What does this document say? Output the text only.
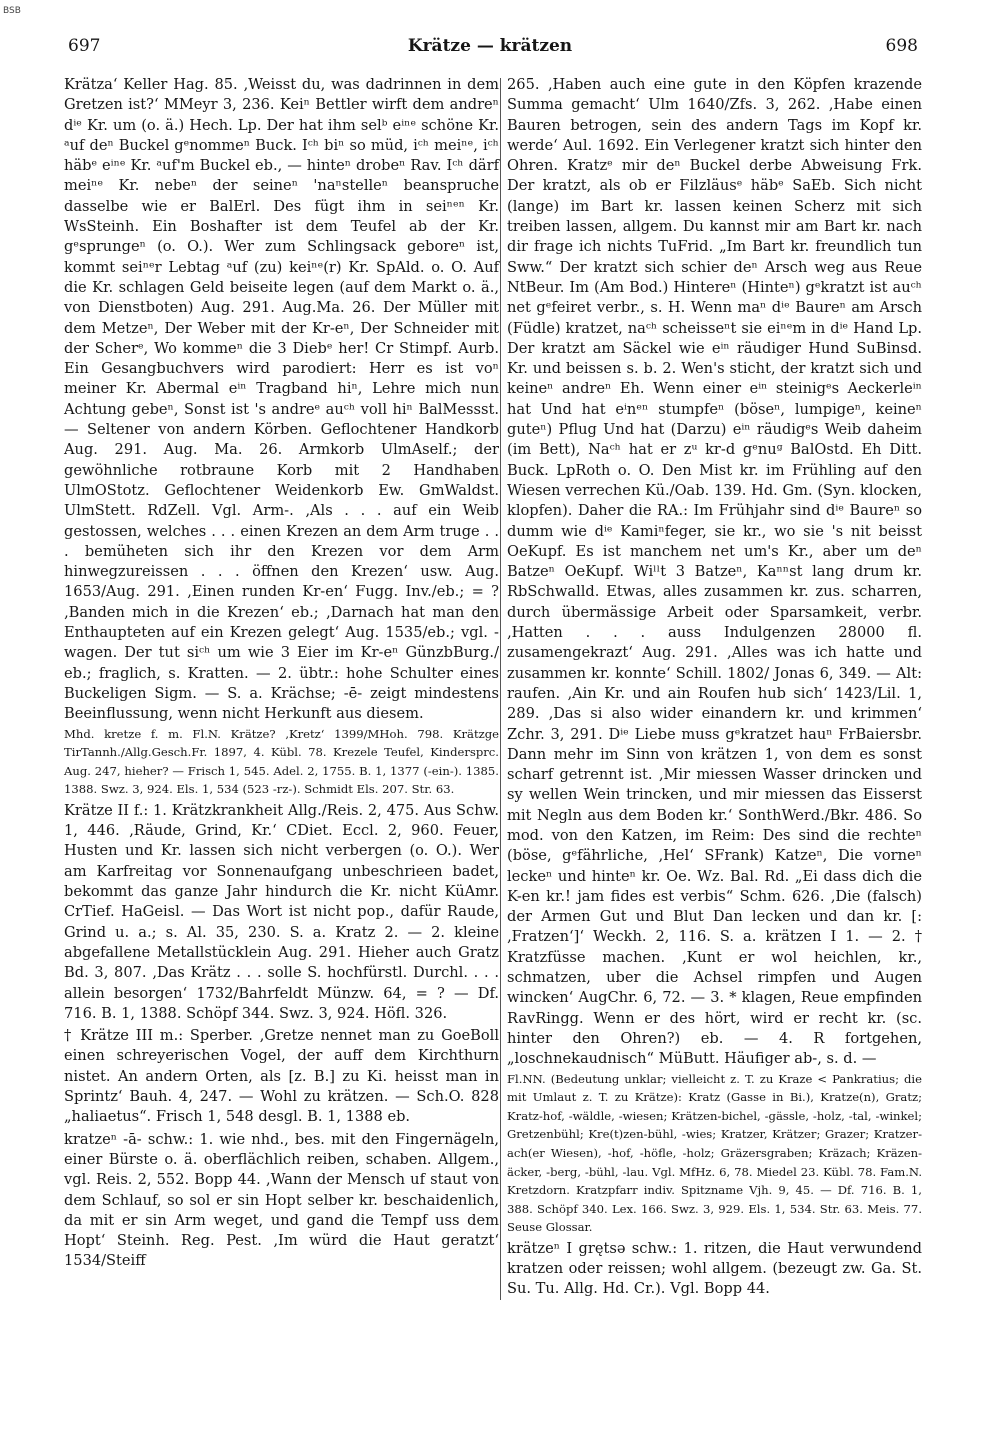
BSB
697	Krätze — krätzen	698

Krätza‘ Keller Hag. 85. ‚Weisst du, was dadrinnen in dem Gretzen ist?‘ MMeyr 3, 236. Keiⁿ Bettler wirft dem andreⁿ dⁱᵉ Kr. um (o. ä.) Hech. Lp. Der hat ihm selᵇ eⁱⁿᵉ schöne Kr. ᵃuf deⁿ Buckel gᵉnommeⁿ Buck. Iᶜʰ biⁿ so müd, iᶜʰ meiⁿᵉ, iᶜʰ häbᵉ eⁱⁿᵉ Kr. ᵃuf'm Buckel eb., — hinteⁿ drobeⁿ Rav. Iᶜʰ därf meiⁿᵉ Kr. nebeⁿ der seineⁿ 'naⁿstelleⁿ beanspruche dasselbe wie er BalErl. Des fügt ihm in seiⁿᵉⁿ Kr. WsSteinh. Ein Boshafter ist dem Teufel ab der Kr. gᵉsprungeⁿ (o. O.). Wer zum Schlingsack geboreⁿ ist, kommt seiⁿᵉr Lebtag ᵃuf (zu) keiⁿᵉ(r) Kr. SpAld. o. O. Auf die Kr. schlagen Geld beiseite legen (auf dem Markt o. ä., von Dienstboten) Aug. 291. Aug.Ma. 26. Der Müller mit dem Metzeⁿ, Der Weber mit der Kr-eⁿ, Der Schneider mit der Scherᵉ, Wo kommeⁿ die 3 Diebᵉ her! Cr Stimpf. Aurb. Ein Gesangbuchvers wird parodiert: Herr es ist voⁿ meiner Kr. Abermal eⁱⁿ Tragband hiⁿ, Lehre mich nun Achtung gebeⁿ, Sonst ist 's andreᵉ auᶜʰ voll hiⁿ BalMessst. — Seltener von andern Körben. Geflochtener Handkorb Aug. 291. Aug. Ma. 26. Armkorb UlmAself.; der gewöhnliche rotbraune Korb mit 2 Handhaben UlmOStotz. Geflochtener Weidenkorb Ew. GmWaldst. UlmStett. RdZell. Vgl. Arm-. ‚Als . . . auf ein Weib gestossen, welches . . . einen Krezen an dem Arm truge . . . bemüheten sich ihr den Krezen vor dem Arm hinwegzureissen . . . öffnen den Krezen‘ usw. Aug. 1653/Aug. 291. ‚Einen runden Kr-en‘ Fugg. Inv./eb.; = ? ‚Banden mich in die Krezen‘ eb.; ‚Darnach hat man den Enthaupteten auf ein Krezen gelegt‘ Aug. 1535/eb.; vgl. -wagen. Der tut siᶜʰ um wie 3 Eier im Kr-eⁿ GünzbBurg./ eb.; fraglich, s. Kratten. — 2. übtr.: hohe Schulter eines Buckeligen Sigm. — S. a. Krächse; -ē- zeigt mindestens Beeinflussung, wenn nicht Herkunft aus diesem.

Mhd. kretze f. m. Fl.N. Krätze? ‚Kretz‘ 1399/MHoh. 798. Krätzge TirTannh./Allg.Gesch.Fr. 1897, 4. Kübl. 78. Krezele Teufel, Kindersprc. Aug. 247, hieher? — Frisch 1, 545. Adel. 2, 1755. B. 1, 1377 (-ein-). 1385. 1388. Swz. 3, 924. Els. 1, 534 (523 -rz-). Schmidt Els. 207. Str. 63.

Krätze II f.: 1. Krätzkrankheit Allg./Reis. 2, 475. Aus Schw. 1, 446. ‚Räude, Grind, Kr.‘ CDiet. Eccl. 2, 960. Feuer, Husten und Kr. lassen sich nicht verbergen (o. O.). Wer am Karfreitag vor Sonnenaufgang unbeschrieen badet, bekommt das ganze Jahr hindurch die Kr. nicht KüAmr. CrTief. HaGeisl. — Das Wort ist nicht pop., dafür Raude, Grind u. a.; s. Al. 35, 230. S. a. Kratz 2. — 2. kleine abgefallene Metallstücklein Aug. 291. Hieher auch Gratz Bd. 3, 807. ‚Das Krätz . . . solle S. hochfürstl. Durchl. . . . allein besorgen‘ 1732/Bahrfeldt Münzw. 64, = ? — Df. 716. B. 1, 1388. Schöpf 344. Swz. 3, 924. Höfl. 326.

† Krätze III m.: Sperber. ‚Gretze nennet man zu GoeBoll einen schreyerischen Vogel, der auff dem Kirchthurn nistet. An andern Orten, als [z. B.] zu Ki. heisst man in Sprintz‘ Bauh. 4, 247. — Wohl zu krätzen. — Sch.O. 828 „haliaetus“. Frisch 1, 548 desgl. B. 1, 1388 eb.

kratzeⁿ -ā- schw.: 1. wie nhd., bes. mit den Fingernägeln, einer Bürste o. ä. oberflächlich reiben, schaben. Allgem., vgl. Reis. 2, 552. Bopp 44. ‚Wann der Mensch uf staut von dem Schlauf, so sol er sin Hopt selber kr. beschaidenlich, da mit er sin Arm weget, und gand die Tempf uss dem Hopt‘ Steinh. Reg. Pest. ‚Im würd die Haut geratzt‘ 1534/Steiff

265. ‚Haben auch eine gute in den Köpfen krazende Summa gemacht‘ Ulm 1640/Zfs. 3, 262. ‚Habe einen Bauren betrogen, sein des andern Tags im Kopf kr. werde‘ Aul. 1692. Ein Verlegener kratzt sich hinter den Ohren. Kratzᵉ mir deⁿ Buckel derbe Abweisung Frk. Der kratzt, als ob er Filzläusᵉ häbᵉ SaEb. Sich nicht (lange) im Bart kr. lassen keinen Scherz mit sich treiben lassen, allgem. Du kannst mir am Bart kr. nach dir frage ich nichts TuFrid. „Im Bart kr. freundlich tun Sww.“ Der kratzt sich schier deⁿ Arsch weg aus Reue NtBeur. Im (Am Bod.) Hintereⁿ (Hinteⁿ) gᵉkratzt ist auᶜʰ net gᵉfeiret verbr., s. H. Wenn maⁿ dⁱᵉ Baureⁿ am Arsch (Füdle) kratzet, naᶜʰ scheisseⁿt sie eiⁿᵉm in dⁱᵉ Hand Lp. Der kratzt am Säckel wie eⁱⁿ räudiger Hund SuBinsd. Kr. und beissen s. b. 2. Wen's sticht, der kratzt sich und keineⁿ andreⁿ Eh. Wenn einer eⁱⁿ steinigᵉs Aeckerleⁱⁿ hat Und hat eⁱnᵉⁿ stumpfeⁿ (böseⁿ, lumpigeⁿ, keineⁿ guteⁿ) Pflug Und hat (Darzu) eⁱⁿ räudigᵉs Weib daheim (im Bett), Naᶜʰ hat er zᵘ kr-d gᵉnuᵍ BalOstd. Eh Ditt. Buck. LpRoth o. O. Den Mist kr. im Frühling auf den Wiesen verrechen Kü./Oab. 139. Hd. Gm. (Syn. klocken, klopfen). Daher die RA.: Im Frühjahr sind dⁱᵉ Baureⁿ so dumm wie dⁱᵉ Kamiⁿfeger, sie kr., wo sie 's nit beisst OeKupf. Es ist manchem net um's Kr., aber um deⁿ Batzeⁿ OeKupf. Wiˡˡt 3 Batzeⁿ, Kaⁿⁿst lang drum kr. RbSchwalld. Etwas, alles zusammen kr. zus. scharren, durch übermässige Arbeit oder Sparsamkeit, verbr. ‚Hatten . . . auss Indulgenzen 28000 fl. zusamengekrazt‘ Aug. 291. ‚Alles was ich hatte und zusammen kr. konnte‘ Schill. 1802/ Jonas 6, 349. — Alt: raufen. ‚Ain Kr. und ain Roufen hub sich‘ 1423/Lil. 1, 289. ‚Das si also wider einandern kr. und krimmen‘ Zchr. 3, 291. Dⁱᵉ Liebe muss gᵉkratzet hauⁿ FrBaiersbr. Dann mehr im Sinn von krätzen 1, von dem es sonst scharf getrennt ist. ‚Mir miessen Wasser drincken und sy wellen Wein trincken, und mir miessen das Eisserst mit Negln aus dem Boden kr.‘ SonthWerd./Bkr. 486. So mod. von den Katzen, im Reim: Des sind die rechteⁿ (böse, gᵉfährliche, ‚Hel‘ SFrank) Katzeⁿ, Die vorneⁿ leckeⁿ und hinteⁿ kr. Oe. Wz. Bal. Rd. „Ei dass dich die K-en kr.! jam fides est verbis“ Schm. 626. ‚Die (falsch) der Armen Gut und Blut Dan lecken und dan kr. [: ‚Fratzen‘]‘ Weckh. 2, 116. S. a. krätzen I 1. — 2. † Kratzfüsse machen. ‚Kunt er wol heichlen, kr., schmatzen, uber die Achsel rimpfen und Augen wincken‘ AugChr. 6, 72. — 3. * klagen, Reue empfinden RavRingg. Wenn er des hört, wird er recht kr. (sc. hinter den Ohren?) eb. — 4. R fortgehen, „loschnekaudnisch“ MüButt. Häufiger ab-, s. d. —

Fl.NN. (Bedeutung unklar; vielleicht z. T. zu Kraze < Pankratius; die mit Umlaut z. T. zu Krätze): Kratz (Gasse in Bi.), Kratze(n), Gratz; Kratz-hof, -wäldle, -wiesen; Krätzen-bichel, -gässle, -holz, -tal, -winkel; Gretzenbühl; Kre(t)zen-bühl, -wies; Kratzer, Krätzer; Grazer; Kratzer-ach(er Wiesen), -hof, -höfle, -holz; Gräzersgraben; Kräzach; Kräzen-äcker, -berg, -bühl, -lau. Vgl. MfHz. 6, 78. Miedel 23. Kübl. 78. Fam.N. Kretzdorn. Kratzpfarr indiv. Spitzname Vjh. 9, 45. — Df. 716. B. 1, 388. Schöpf 340. Lex. 166. Swz. 3, 929. Els. 1, 534. Str. 63. Meis. 77. Seuse Glossar.

krätzeⁿ I grętsə schw.: 1. ritzen, die Haut verwundend kratzen oder reissen; wohl allgem. (bezeugt zw. Ga. St. Su. Tu. Allg. Hd. Cr.). Vgl. Bopp 44.
